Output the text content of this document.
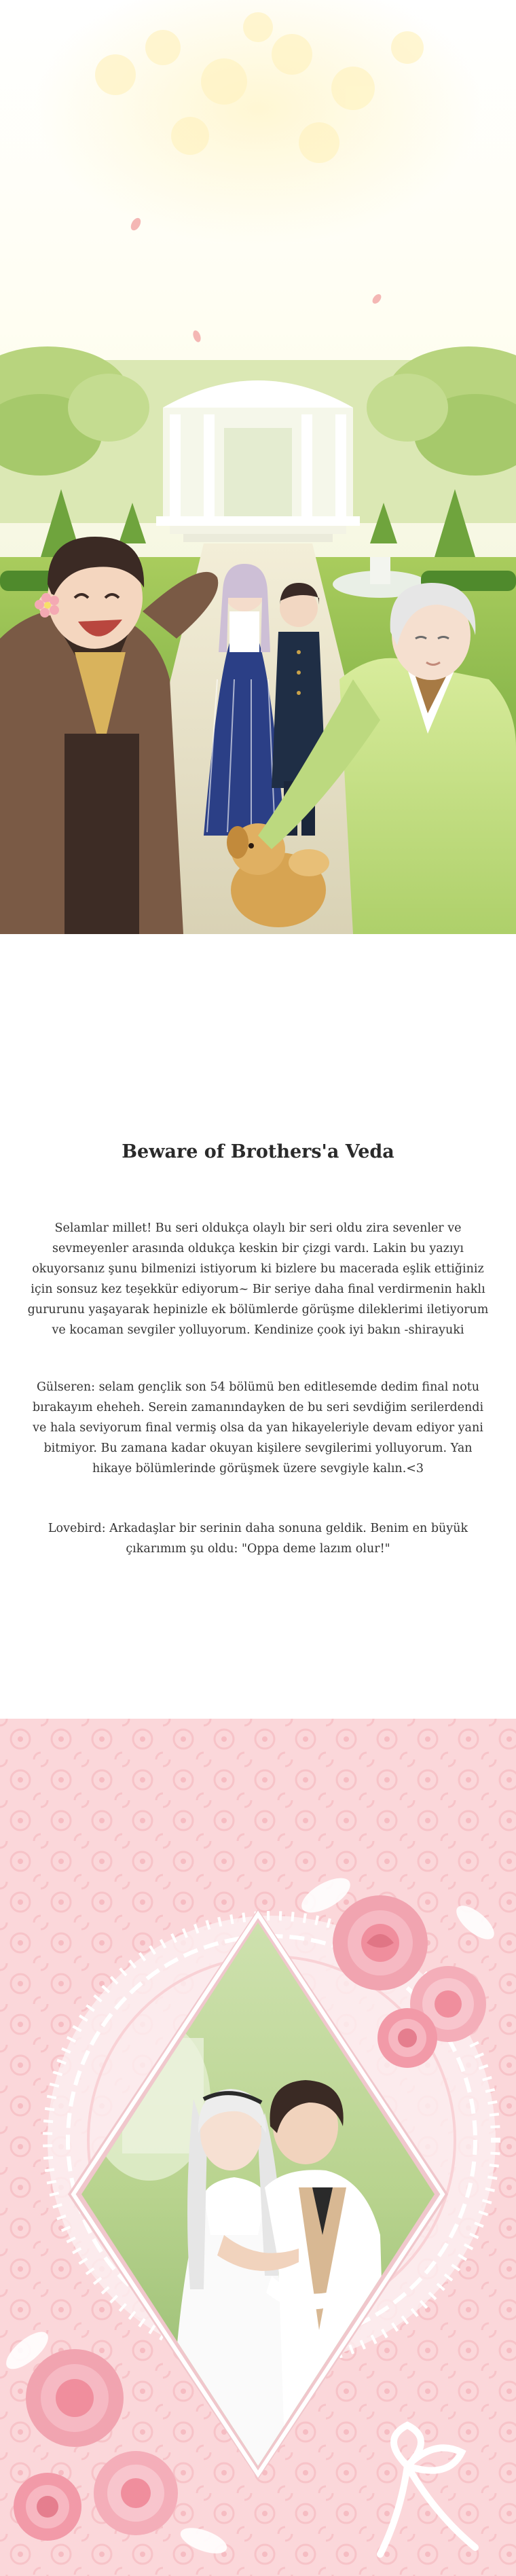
Beware of Brothers'a Veda

Selamlar millet! Bu seri oldukça olaylı bir seri oldu zira sevenler ve sevmeyenler arasında oldukça keskin bir çizgi vardı. Lakin bu yazıyı okuyorsanız şunu bilmenizi istiyorum ki bizlere bu macerada eşlik ettiğiniz için sonsuz kez teşekkür ediyorum~ Bir seriye daha final verdirmenin haklı gururunu yaşayarak hepinizle ek bölümlerde görüşme dileklerimi iletiyorum ve kocaman sevgiler yolluyorum. Kendinize çook iyi bakın -shirayuki

Gülseren: selam gençlik son 54 bölümü ben editlesemde dedim final notu bırakayım eheheh. Serein zamanındayken de bu seri sevdiğim serilerdendi ve hala seviyorum final vermiş olsa da yan hikayeleriyle devam ediyor yani bitmiyor. Bu zamana kadar okuyan kişilere sevgilerimi yolluyorum. Yan hikaye bölümlerinde görüşmek üzere sevgiyle kalın.<3

Lovebird: Arkadaşlar bir serinin daha sonuna geldik. Benim en büyük çıkarımım şu oldu: "Oppa deme lazım olur!"
